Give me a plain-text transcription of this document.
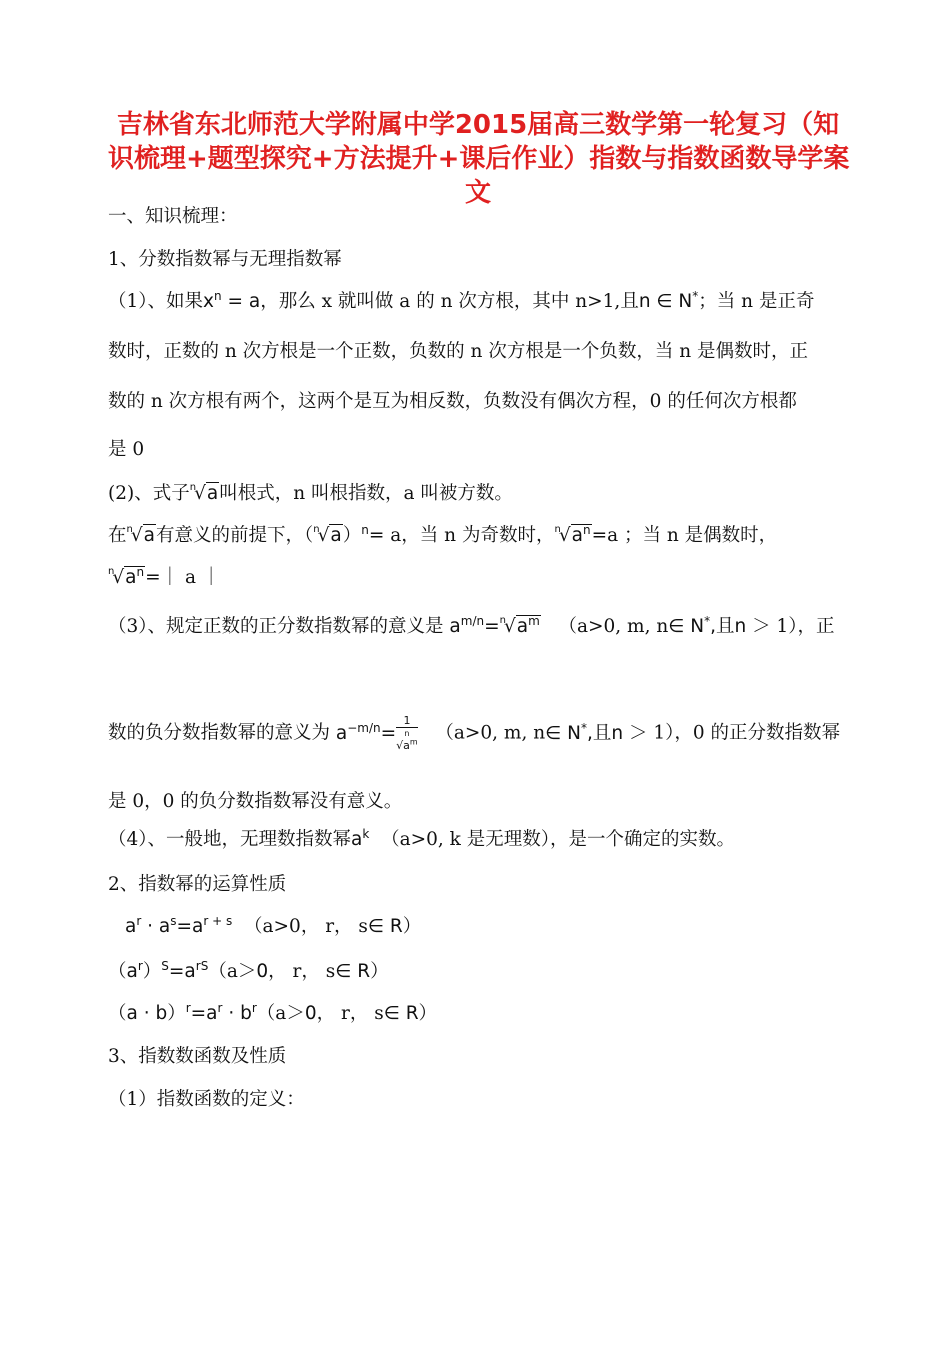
吉林省东北师范大学附属中学2015届高三数学第一轮复习（知
识梳理+题型探究+方法提升+课后作业）指数与指数函数导学案
文
一、知识梳理：
1、分数指数幂与无理指数幂
（1）、如果$x^n = a$，那么 x 就叫做 a 的 n 次方根，其中 n>1,且n ∈ N*；当 n 是正奇
数时，正数的 n 次方根是一个正数，负数的 n 次方根是一个负数，当 n 是偶数时，正
数的 n 次方根有两个，这两个是互为相反数，负数没有偶次方程，0 的任何次方根都
是 0
(2)、式子$^n$√a叫根式，n 叫根指数，a 叫被方数。
在$^n$√a有意义的前提下，$(^n√a)^n= a$，当 n 为奇数时，$^n√a^n=a$ ；当 n 是偶数时，
$^n√a^n=|$ a ｜
（3）、规定正数的正分数指数幂的意义是 $a^{m/n}=^n√a^m$ （a>0, m, n∈ N*,且n ＞ 1），正
数的负分数指数幂的意义为 $a^{-m/n}= 1$
n
$√a^m$ （a>0, m, n∈ N*,且n ＞ 1），0 的正分数指数幂
是 0，0 的负分数指数幂没有意义。
（4）、一般地，无理数指数幂$a^k$ （a>0, k 是无理数），是一个确定的实数。
2、指数幂的运算性质
$a^r \cdot a^s=a^{r + s}$ （a>0， r， s∈ R）
$(a^r)^S=a^{rS}(a>0$， r， s∈ R）
$(a \cdot b)^r=a^r \cdot b^r(a>0$， r， s∈ R）
3、指数数函数及性质
（1）指数函数的定义：
